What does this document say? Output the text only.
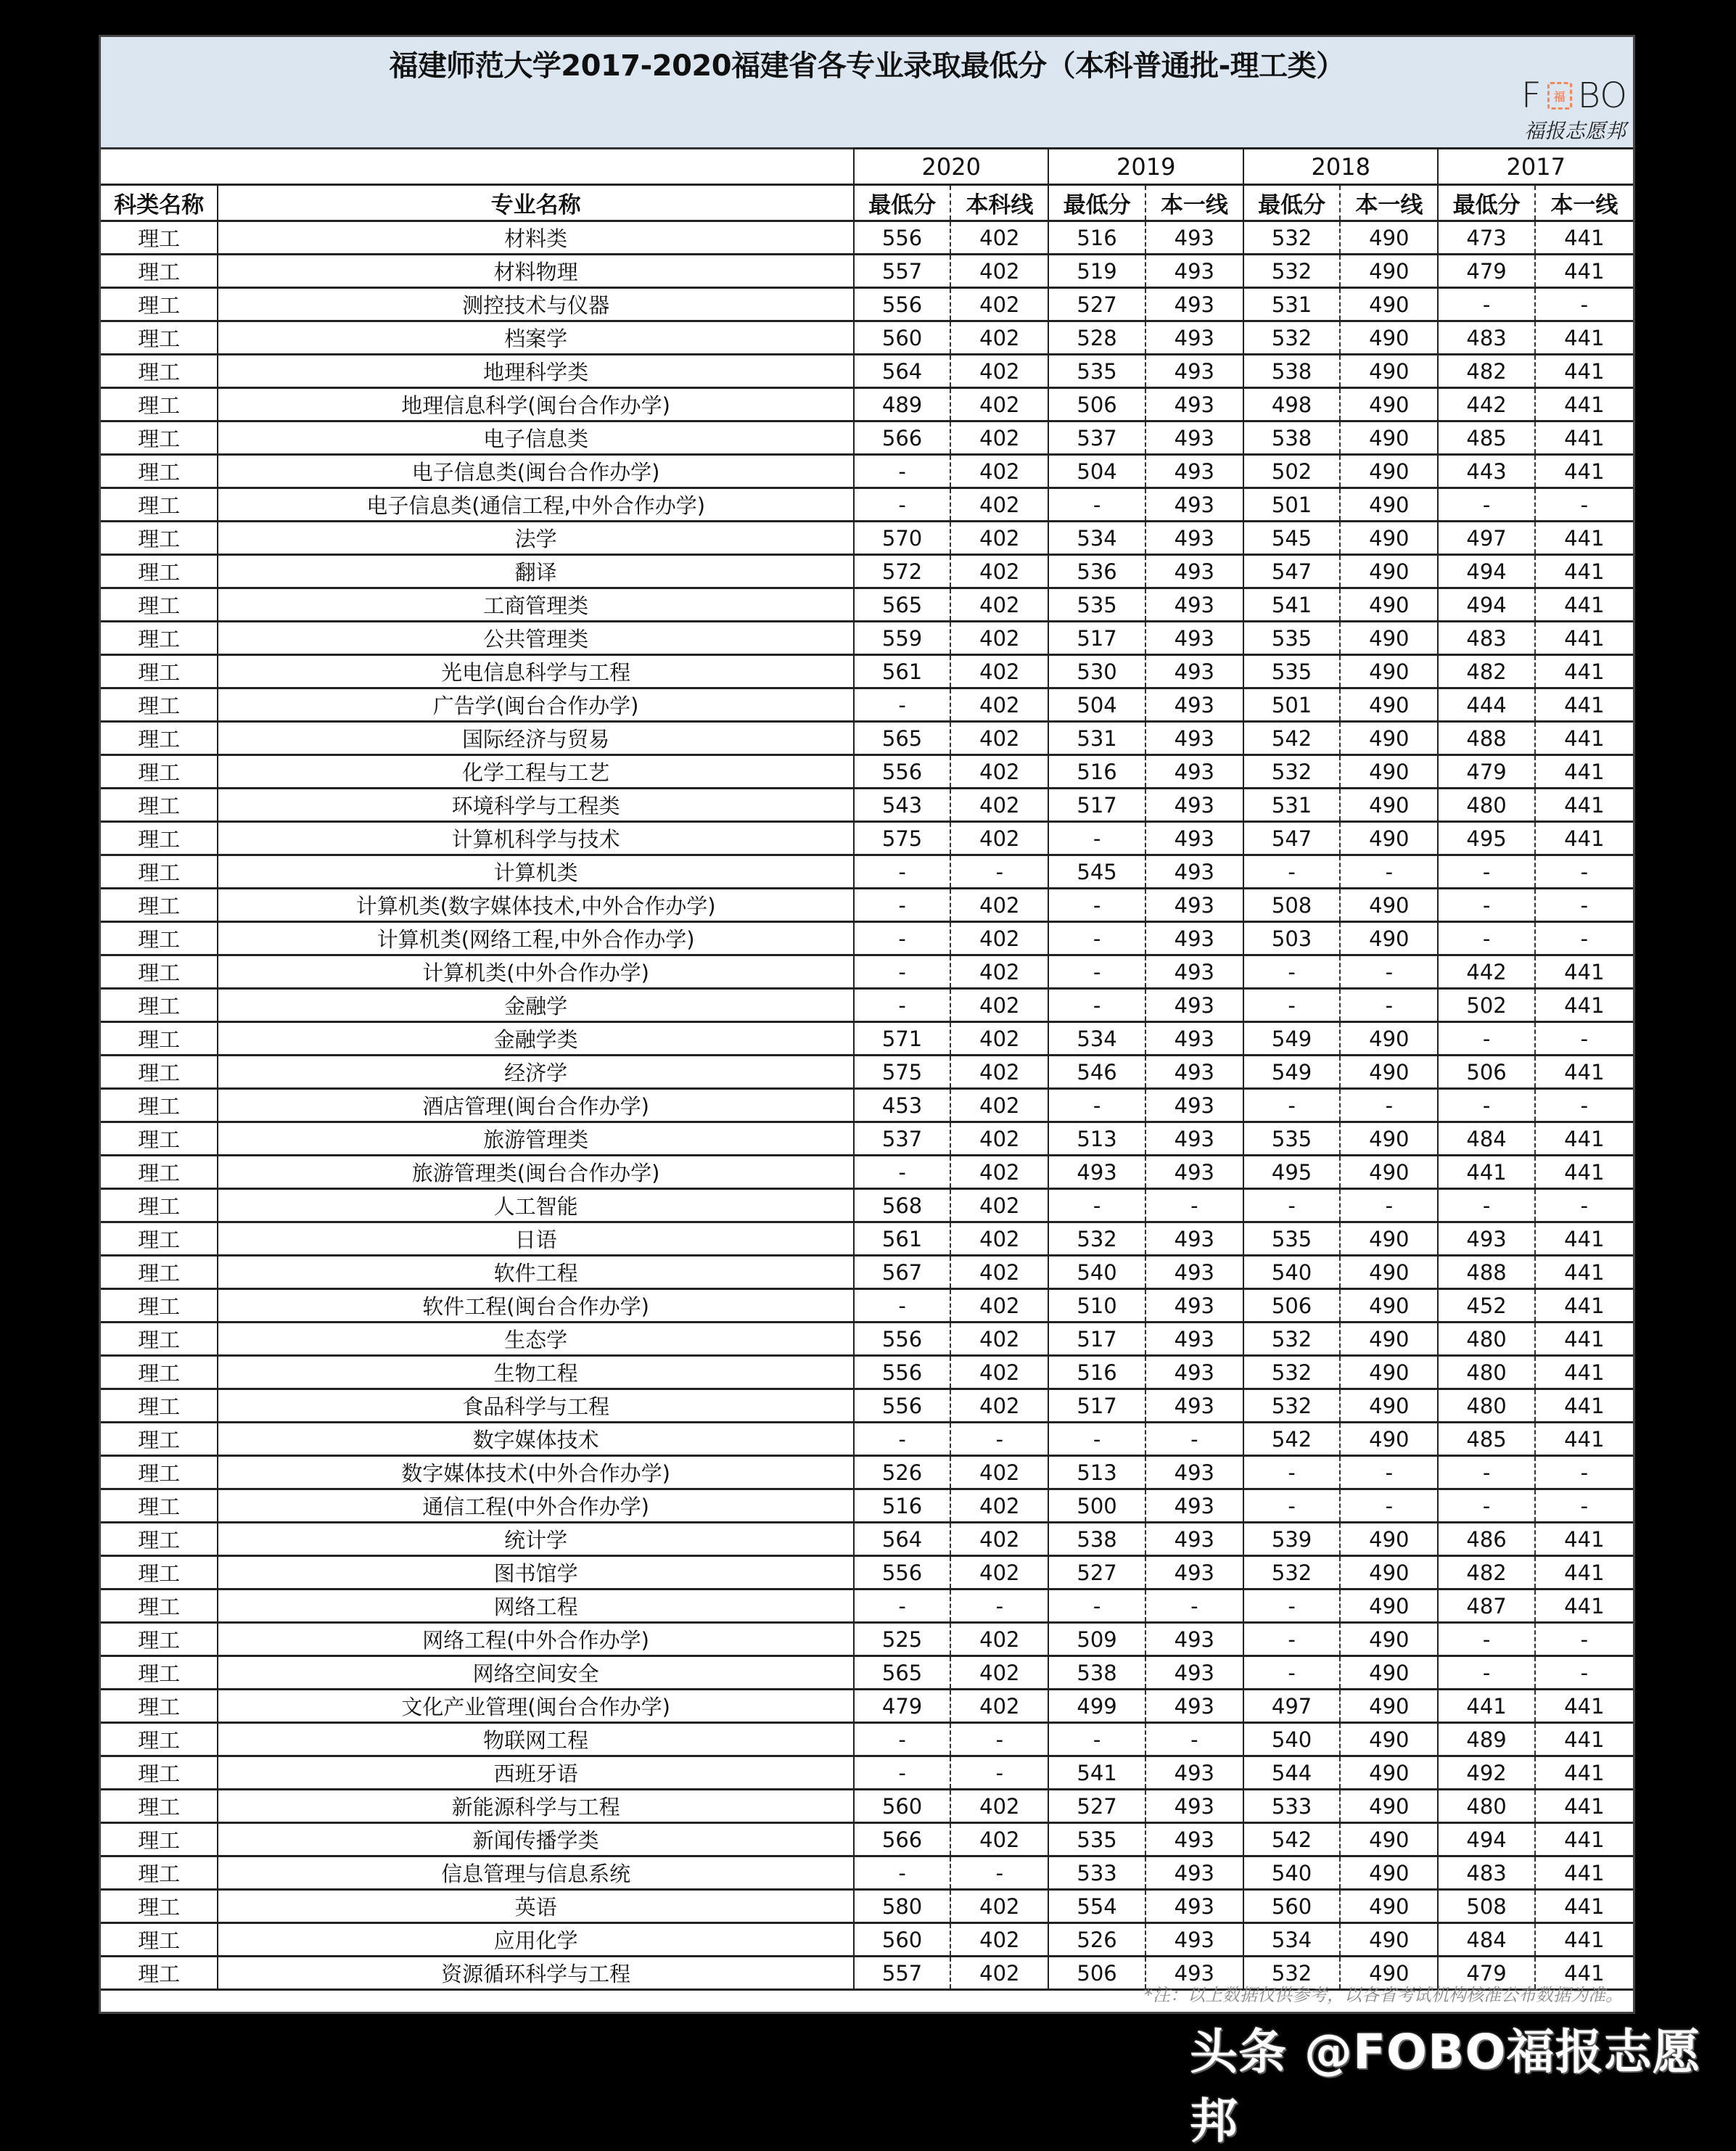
福建师范大学2017-2020福建省各专业录取最低分（本科普通批-理工类）
F	福 BO
福报志愿邦
		2020		2019		2018		2017	
科类名称	专业名称	最低分	本科线	最低分	本一线	最低分	本一线	最低分	本一线
理工	材料类	556	402	516	493	532	490	473	441
理工	材料物理	557	402	519	493	532	490	479	441
理工	测控技术与仪器	556	402	527	493	531	490	-	-
理工	档案学	560	402	528	493	532	490	483	441
理工	地理科学类	564	402	535	493	538	490	482	441
理工	地理信息科学(闽台合作办学)	489	402	506	493	498	490	442	441
理工	电子信息类	566	402	537	493	538	490	485	441
理工	电子信息类(闽台合作办学)	-	402	504	493	502	490	443	441
理工	电子信息类(通信工程,中外合作办学)	-	402	-	493	501	490	-	-
理工	法学	570	402	534	493	545	490	497	441
理工	翻译	572	402	536	493	547	490	494	441
理工	工商管理类	565	402	535	493	541	490	494	441
理工	公共管理类	559	402	517	493	535	490	483	441
理工	光电信息科学与工程	561	402	530	493	535	490	482	441
理工	广告学(闽台合作办学)	-	402	504	493	501	490	444	441
理工	国际经济与贸易	565	402	531	493	542	490	488	441
理工	化学工程与工艺	556	402	516	493	532	490	479	441
理工	环境科学与工程类	543	402	517	493	531	490	480	441
理工	计算机科学与技术	575	402	-	493	547	490	495	441
理工	计算机类	-	-	545	493	-	-	-	-
理工	计算机类(数字媒体技术,中外合作办学)	-	402	-	493	508	490	-	-
理工	计算机类(网络工程,中外合作办学)	-	402	-	493	503	490	-	-
理工	计算机类(中外合作办学)	-	402	-	493	-	-	442	441
理工	金融学	-	402	-	493	-	-	502	441
理工	金融学类	571	402	534	493	549	490	-	-
理工	经济学	575	402	546	493	549	490	506	441
理工	酒店管理(闽台合作办学)	453	402	-	493	-	-	-	-
理工	旅游管理类	537	402	513	493	535	490	484	441
理工	旅游管理类(闽台合作办学)	-	402	493	493	495	490	441	441
理工	人工智能	568	402	-	-	-	-	-	-
理工	日语	561	402	532	493	535	490	493	441
理工	软件工程	567	402	540	493	540	490	488	441
理工	软件工程(闽台合作办学)	-	402	510	493	506	490	452	441
理工	生态学	556	402	517	493	532	490	480	441
理工	生物工程	556	402	516	493	532	490	480	441
理工	食品科学与工程	556	402	517	493	532	490	480	441
理工	数字媒体技术	-	-	-	-	542	490	485	441
理工	数字媒体技术(中外合作办学)	526	402	513	493	-	-	-	-
理工	通信工程(中外合作办学)	516	402	500	493	-	-	-	-
理工	统计学	564	402	538	493	539	490	486	441
理工	图书馆学	556	402	527	493	532	490	482	441
理工	网络工程	-	-	-	-	-	490	487	441
理工	网络工程(中外合作办学)	525	402	509	493	-	490	-	-
理工	网络空间安全	565	402	538	493	-	490	-	-
理工	文化产业管理(闽台合作办学)	479	402	499	493	497	490	441	441
理工	物联网工程	-	-	-	-	540	490	489	441
理工	西班牙语	-	-	541	493	544	490	492	441
理工	新能源科学与工程	560	402	527	493	533	490	480	441
理工	新闻传播学类	566	402	535	493	542	490	494	441
理工	信息管理与信息系统	-	-	533	493	540	490	483	441
理工	英语	580	402	554	493	560	490	508	441
理工	应用化学	560	402	526	493	534	490	484	441
理工	资源循环科学与工程	557	402	506	493	532	490	479	441
*注：以上数据仅供参考，以各省考试机构核准公布数据为准。
头条 @FOBO福报志愿邦
